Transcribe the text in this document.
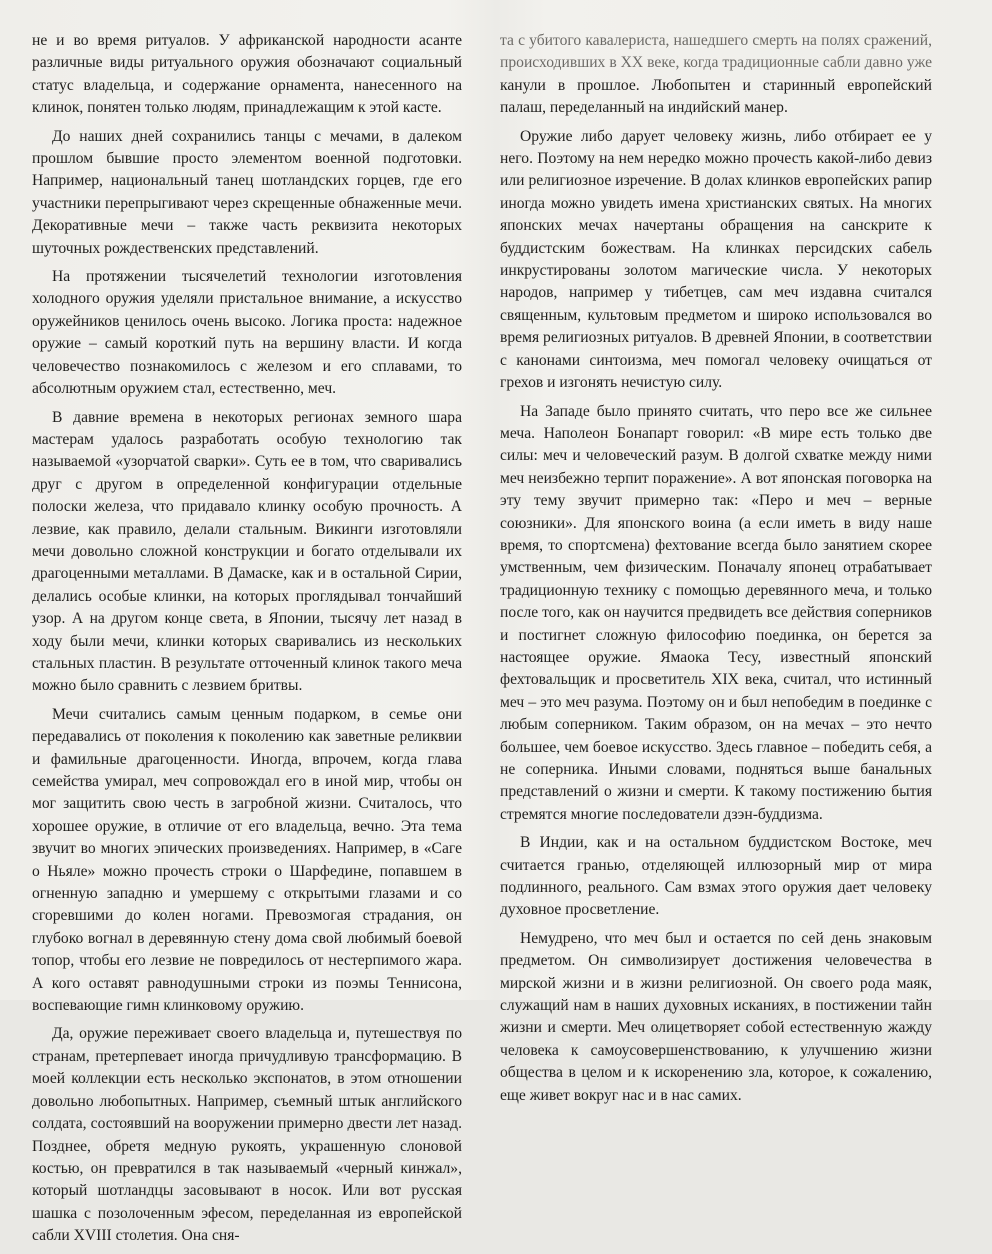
не и во время ритуалов. У африканской народности асанте различные виды ритуального оружия обозначают социальный статус владельца, и содержание орнамента, нанесенного на клинок, понятен только людям, принадлежащим к этой касте.

До наших дней сохранились танцы с мечами, в далеком прошлом бывшие просто элементом военной подготовки. Например, национальный танец шотландских горцев, где его участники перепрыгивают через скрещенные обнаженные мечи. Декоративные мечи – также часть реквизита некоторых шуточных рождественских представлений.

На протяжении тысячелетий технологии изготовления холодного оружия уделяли пристальное внимание, а искусство оружейников ценилось очень высоко. Логика проста: надежное оружие – самый короткий путь на вершину власти. И когда человечество познакомилось с железом и его сплавами, то абсолютным оружием стал, естественно, меч.

В давние времена в некоторых регионах земного шара мастерам удалось разработать особую технологию так называемой «узорчатой сварки». Суть ее в том, что сваривались друг с другом в определенной конфигурации отдельные полоски железа, что придавало клинку особую прочность. А лезвие, как правило, делали стальным. Викинги изготовляли мечи довольно сложной конструкции и богато отделывали их драгоценными металлами. В Дамаске, как и в остальной Сирии, делались особые клинки, на которых проглядывал тончайший узор. А на другом конце света, в Японии, тысячу лет назад в ходу были мечи, клинки которых сваривались из нескольких стальных пластин. В результате отточенный клинок такого меча можно было сравнить с лезвием бритвы.

Мечи считались самым ценным подарком, в семье они передавались от поколения к поколению как заветные реликвии и фамильные драгоценности. Иногда, впрочем, когда глава семейства умирал, меч сопровождал его в иной мир, чтобы он мог защитить свою честь в загробной жизни. Считалось, что хорошее оружие, в отличие от его владельца, вечно. Эта тема звучит во многих эпических произведениях. Например, в «Саге о Ньяле» можно прочесть строки о Шарфедине, попавшем в огненную западню и умершему с открытыми глазами и со сгоревшими до колен ногами. Превозмогая страдания, он глубоко вогнал в деревянную стену дома свой любимый боевой топор, чтобы его лезвие не повредилось от нестерпимого жара. А кого оставят равнодушными строки из поэмы Теннисона, воспевающие гимн клинковому оружию.

Да, оружие переживает своего владельца и, путешествуя по странам, претерпевает иногда причудливую трансформацию. В моей коллекции есть несколько экспонатов, в этом отношении довольно любопытных. Например, съемный штык английского солдата, состоявший на вооружении примерно двести лет назад. Позднее, обретя медную рукоять, украшенную слоновой костью, он превратился в так называемый «черный кинжал», который шотландцы засовывают в носок. Или вот русская шашка с позолоченным эфесом, переделанная из европейской сабли XVIII столетия. Она сня-

та с убитого кавалериста, нашедшего смерть на полях сражений, происходивших в XX веке, когда традиционные сабли давно уже канули в прошлое. Любопытен и старинный европейский палаш, переделанный на индийский манер.

Оружие либо дарует человеку жизнь, либо отбирает ее у него. Поэтому на нем нередко можно прочесть какой-либо девиз или религиозное изречение. В долах клинков европейских рапир иногда можно увидеть имена христианских святых. На многих японских мечах начертаны обращения на санскрите к буддистским божествам. На клинках персидских сабель инкрустированы золотом магические числа. У некоторых народов, например у тибетцев, сам меч издавна считался священным, культовым предметом и широко использовался во время религиозных ритуалов. В древней Японии, в соответствии с канонами синтоизма, меч помогал человеку очищаться от грехов и изгонять нечистую силу.

На Западе было принято считать, что перо все же сильнее меча. Наполеон Бонапарт говорил: «В мире есть только две силы: меч и человеческий разум. В долгой схватке между ними меч неизбежно терпит поражение». А вот японская поговорка на эту тему звучит примерно так: «Перо и меч – верные союзники». Для японского воина (а если иметь в виду наше время, то спортсмена) фехтование всегда было занятием скорее умственным, чем физическим. Поначалу японец отрабатывает традиционную технику с помощью деревянного меча, и только после того, как он научится предвидеть все действия соперников и постигнет сложную философию поединка, он берется за настоящее оружие. Ямаока Тесу, известный японский фехтовальщик и просветитель XIX века, считал, что истинный меч – это меч разума. Поэтому он и был непобедим в поединке с любым соперником. Таким образом, он на мечах – это нечто большее, чем боевое искусство. Здесь главное – победить себя, а не соперника. Иными словами, подняться выше банальных представлений о жизни и смерти. К такому постижению бытия стремятся многие последователи дзэн-буддизма.

В Индии, как и на остальном буддистском Востоке, меч считается гранью, отделяющей иллюзорный мир от мира подлинного, реального. Сам взмах этого оружия дает человеку духовное просветление.

Немудрено, что меч был и остается по сей день знаковым предметом. Он символизирует достижения человечества в мирской жизни и в жизни религиозной. Он своего рода маяк, служащий нам в наших духовных исканиях, в постижении тайн жизни и смерти. Меч олицетворяет собой естественную жажду человека к самоусовершенствованию, к улучшению жизни общества в целом и к искоренению зла, которое, к сожалению, еще живет вокруг нас и в нас самих.
